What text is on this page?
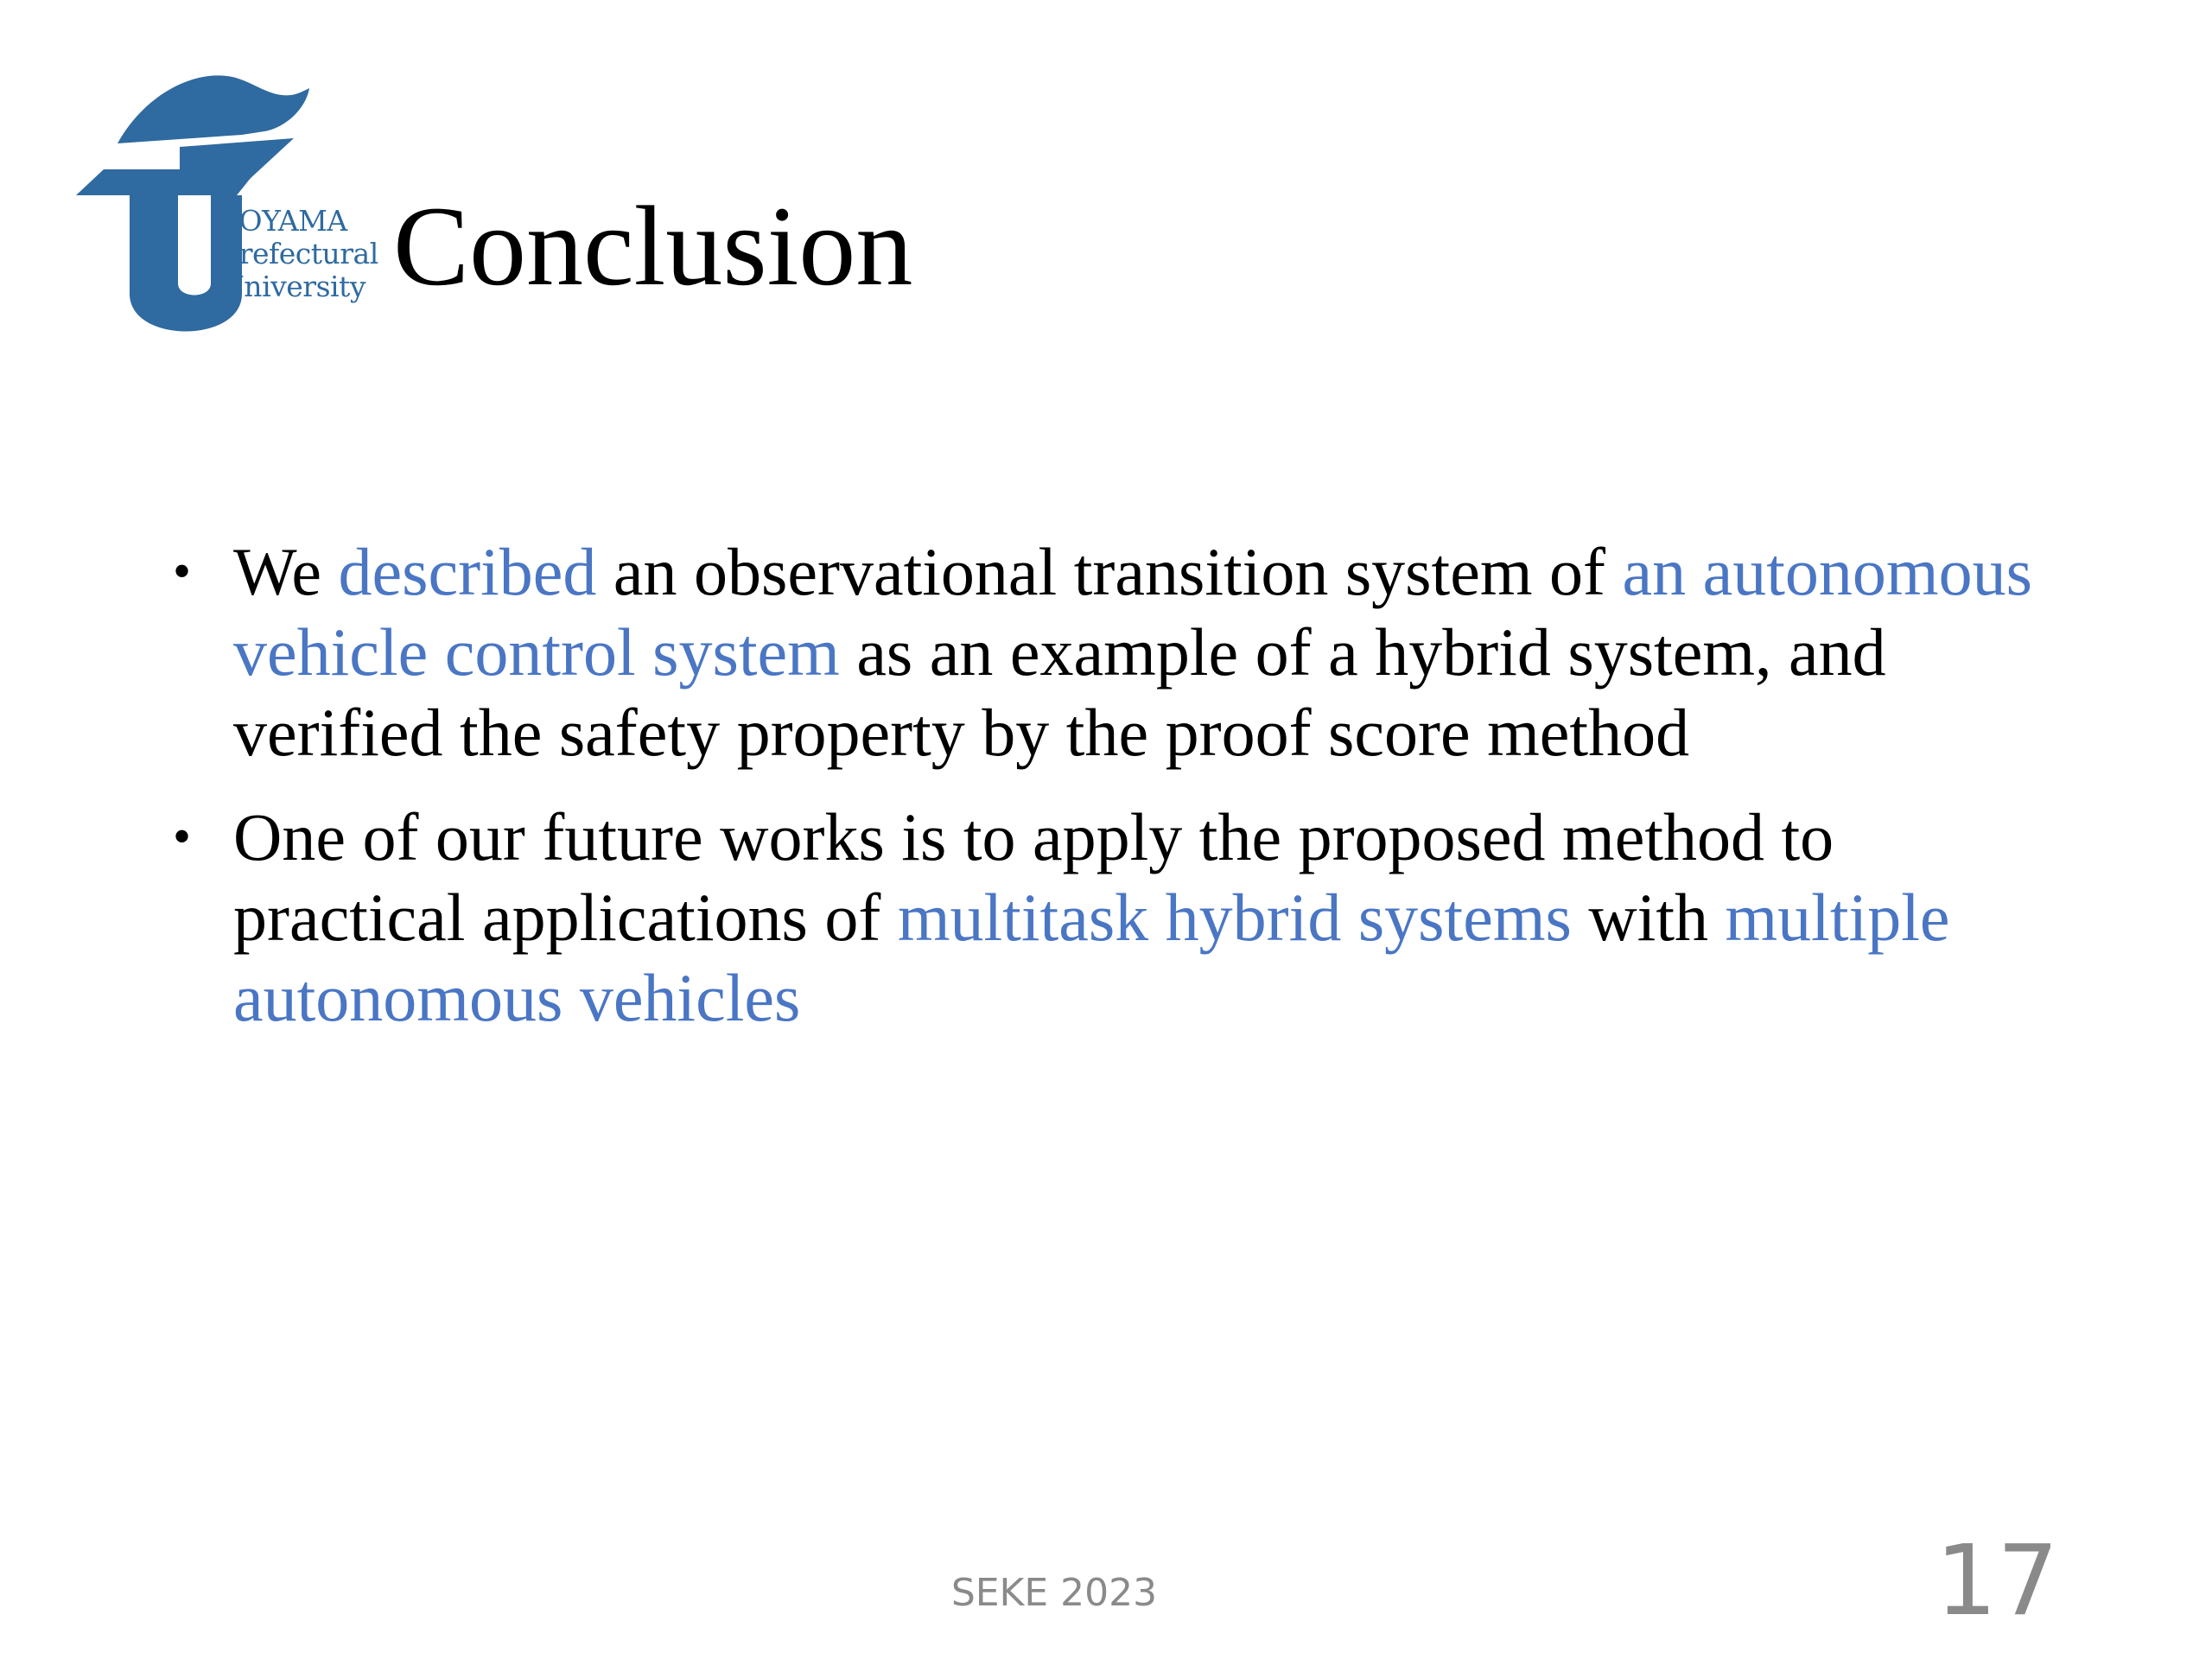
TOYAMA
Prefectural
University Conclusion
• We described an observational transition system of an autonomous vehicle control system as an example of a hybrid system, and verified the safety property by the proof score method
• One of our future works is to apply the proposed method to practical applications of multitask hybrid systems with multiple autonomous vehicles
SEKE 2023	17
